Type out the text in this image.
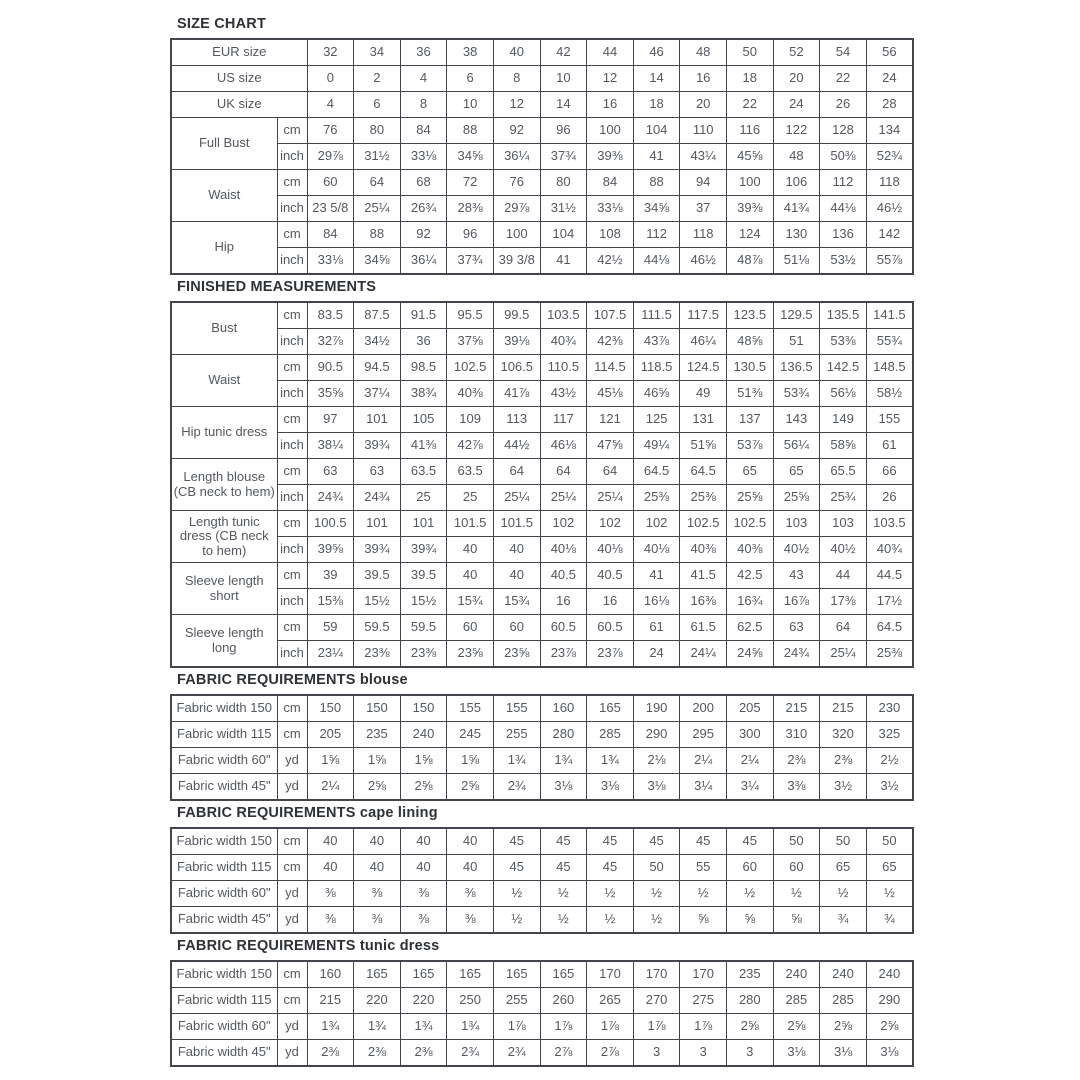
SIZE CHART
EUR size		32	34	36	38	40	42	44	46	48	50	52	54	56
US size		0	2	4	6	8	10	12	14	16	18	20	22	24
UK size		4	6	8	10	12	14	16	18	20	22	24	26	28
Full Bust	cm	76	80	84	88	92	96	100	104	110	116	122	128	134
	inch	29⅞	31½	33⅛	34⅝	36¼	37¾	39⅜	41	43¼	45⅝	48	50⅜	52¾
Waist	cm	60	64	68	72	76	80	84	88	94	100	106	112	118
	inch	23 5/8	25¼	26¾	28⅜	29⅞	31½	33⅛	34⅝	37	39⅜	41¾	44⅛	46½
Hip	cm	84	88	92	96	100	104	108	112	118	124	130	136	142
	inch	33⅛	34⅝	36¼	37¾	39 3/8	41	42½	44⅛	46½	48⅞	51⅛	53½	55⅞
FINISHED MEASUREMENTS
Bust	cm	83.5	87.5	91.5	95.5	99.5	103.5	107.5	111.5	117.5	123.5	129.5	135.5	141.5
	inch	32⅞	34½	36	37⅝	39⅛	40¾	42⅜	43⅞	46¼	48⅝	51	53⅜	55¾
Waist	cm	90.5	94.5	98.5	102.5	106.5	110.5	114.5	118.5	124.5	130.5	136.5	142.5	148.5
	inch	35⅝	37¼	38¾	40⅜	41⅞	43½	45⅛	46⅝	49	51⅜	53¾	56⅛	58½
Hip tunic dress	cm	97	101	105	109	113	117	121	125	131	137	143	149	155
	inch	38¼	39¾	41⅜	42⅞	44½	46⅛	47⅝	49¼	51⅝	53⅞	56¼	58⅝	61
Length blouse (CB neck to hem)	cm	63	63	63.5	63.5	64	64	64	64.5	64.5	65	65	65.5	66
	inch	24¾	24¾	25	25	25¼	25¼	25¼	25⅜	25⅜	25⅝	25⅝	25¾	26
Length tunic dress (CB neck to hem)	cm	100.5	101	101	101.5	101.5	102	102	102	102.5	102.5	103	103	103.5
	inch	39⅝	39¾	39¾	40	40	40⅛	40⅛	40⅛	40⅜	40⅜	40½	40½	40¾
Sleeve length short	cm	39	39.5	39.5	40	40	40.5	40.5	41	41.5	42.5	43	44	44.5
	inch	15⅜	15½	15½	15¾	15¾	16	16	16⅛	16⅜	16¾	16⅞	17⅜	17½
Sleeve length long	cm	59	59.5	59.5	60	60	60.5	60.5	61	61.5	62.5	63	64	64.5
	inch	23¼	23⅜	23⅜	23⅝	23⅝	23⅞	23⅞	24	24¼	24⅝	24¾	25¼	25⅜
FABRIC REQUIREMENTS blouse
Fabric width 150	cm	150	150	150	155	155	160	165	190	200	205	215	215	230
Fabric width 115	cm	205	235	240	245	255	280	285	290	295	300	310	320	325
Fabric width 60"	yd	1⅝	1⅝	1⅝	1⅝	1¾	1¾	1¾	2⅛	2¼	2¼	2⅜	2⅜	2½
Fabric width 45"	yd	2¼	2⅝	2⅝	2⅝	2¾	3⅛	3⅛	3⅛	3¼	3¼	3⅜	3½	3½
FABRIC REQUIREMENTS cape lining
Fabric width 150	cm	40	40	40	40	45	45	45	45	45	45	50	50	50
Fabric width 115	cm	40	40	40	40	45	45	45	50	55	60	60	65	65
Fabric width 60"	yd	⅜	⅜	⅜	⅜	½	½	½	½	½	½	½	½	½
Fabric width 45"	yd	⅜	⅜	⅜	⅜	½	½	½	½	⅝	⅝	⅝	¾	¾
FABRIC REQUIREMENTS tunic dress
Fabric width 150	cm	160	165	165	165	165	165	170	170	170	235	240	240	240
Fabric width 115	cm	215	220	220	250	255	260	265	270	275	280	285	285	290
Fabric width 60"	yd	1¾	1¾	1¾	1¾	1⅞	1⅞	1⅞	1⅞	1⅞	2⅝	2⅝	2⅝	2⅝
Fabric width 45"	yd	2⅜	2⅜	2⅜	2¾	2¾	2⅞	2⅞	3	3	3	3⅛	3⅛	3⅛
